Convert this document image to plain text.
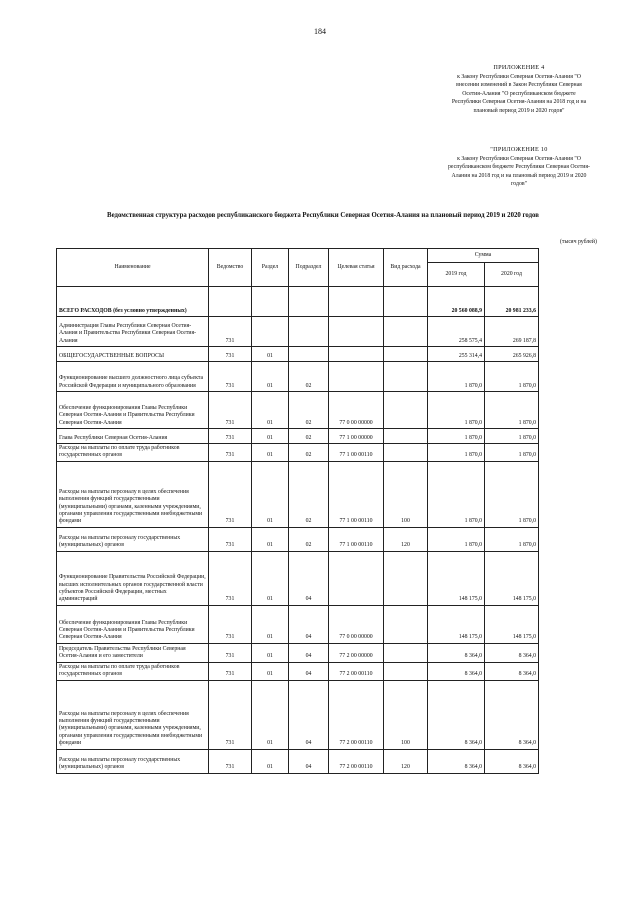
184
ПРИЛОЖЕНИЕ 4
к Закону Республики Северная Осетия-Алания "О внесении изменений в Закон Республики Северная Осетия-Алания "О республиканском бюджете Республики Северная Осетия-Алания на 2018 год и на плановый период 2019 и 2020 годов"
"ПРИЛОЖЕНИЕ 10
к Закону Республики Северная Осетия-Алания "О республиканском бюджете Республики Северная Осетия-Алания на 2018 год и на плановый период 2019 и 2020 годов"
Ведомственная структура расходов республиканского бюджета Республики Северная Осетия-Алания на плановый период 2019 и 2020 годов
(тысяч рублей)
Наименование	Ведомство	Раздел	Подраздел	Целевая статья	Вид расхода	Сумма	
						2019 год	2020 год
ВСЕГО РАСХОДОВ (без условно утвержденных)						20 560 088,9	20 981 233,6
Администрация Главы Республики Северная Осетия-Алания и Правительства Республики Северная Осетия-Алания	731					258 575,4	269 187,8
ОБЩЕГОСУДАРСТВЕННЫЕ ВОПРОСЫ	731	01				255 314,4	265 926,8
Функционирование высшего должностного лица субъекта Российской Федерации и муниципального образования	731	01	02			1 870,0	1 870,0
Обеспечение функционирования Главы Республики Северная Осетия-Алания и Правительства Республики Северная Осетия-Алания	731	01	02	77 0 00 00000		1 870,0	1 870,0
Глава Республики Северная Осетия-Алания	731	01	02	77 1 00 00000		1 870,0	1 870,0
Расходы на выплаты по оплате труда работников государственных органов	731	01	02	77 1 00 00110		1 870,0	1 870,0
Расходы на выплаты персоналу в целях обеспечения выполнения функций государственными (муниципальными) органами, казенными учреждениями, органами управления государственными внебюджетными фондами	731	01	02	77 1 00 00110	100	1 870,0	1 870,0
Расходы на выплаты персоналу государственных (муниципальных) органов	731	01	02	77 1 00 00110	120	1 870,0	1 870,0
Функционирование Правительства Российской Федерации, высших исполнительных органов государственной власти субъектов Российской Федерации, местных администраций	731	01	04			148 175,0	148 175,0
Обеспечение функционирования Главы Республики Северная Осетия-Алания и Правительства Республики Северная Осетия-Алания	731	01	04	77 0 00 00000		148 175,0	148 175,0
Председатель Правительства Республики Северная Осетия-Алания и его заместители	731	01	04	77 2 00 00000		8 364,0	8 364,0
Расходы на выплаты по оплате труда работников государственных органов	731	01	04	77 2 00 00110		8 364,0	8 364,0
Расходы на выплаты персоналу в целях обеспечения выполнения функций государственными (муниципальными) органами, казенными учреждениями, органами управления государственными внебюджетными фондами	731	01	04	77 2 00 00110	100	8 364,0	8 364,0
Расходы на выплаты персоналу государственных (муниципальных) органов	731	01	04	77 2 00 00110	120	8 364,0	8 364,0
